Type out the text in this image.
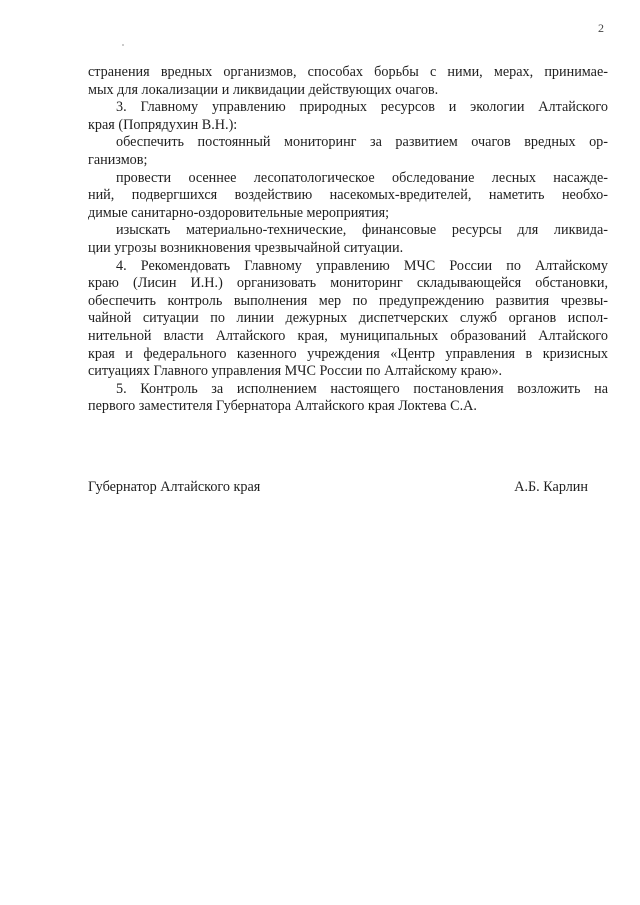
2
странения вредных организмов, способах борьбы с ними, мерах, принимае-
мых для локализации и ликвидации действующих очагов.
3. Главному управлению природных ресурсов и экологии Алтайского
края (Попрядухин В.Н.):
обеспечить постоянный мониторинг за развитием очагов вредных ор-
ганизмов;
провести осеннее лесопатологическое обследование лесных насажде-
ний, подвергшихся воздействию насекомых-вредителей, наметить необхо-
димые санитарно-оздоровительные мероприятия;
изыскать материально-технические, финансовые ресурсы для ликвида-
ции угрозы возникновения чрезвычайной ситуации.
4. Рекомендовать Главному управлению МЧС России по Алтайскому
краю (Лисин И.Н.) организовать мониторинг складывающейся обстановки,
обеспечить контроль выполнения мер по предупреждению развития чрезвы-
чайной ситуации по линии дежурных диспетчерских служб органов испол-
нительной власти Алтайского края, муниципальных образований Алтайского
края и федерального казенного учреждения «Центр управления в кризисных
ситуациях Главного управления МЧС России по Алтайскому краю».
5. Контроль за исполнением настоящего постановления возложить на
первого заместителя Губернатора Алтайского края Локтева С.А.
Губернатор Алтайского края	А.Б. Карлин
